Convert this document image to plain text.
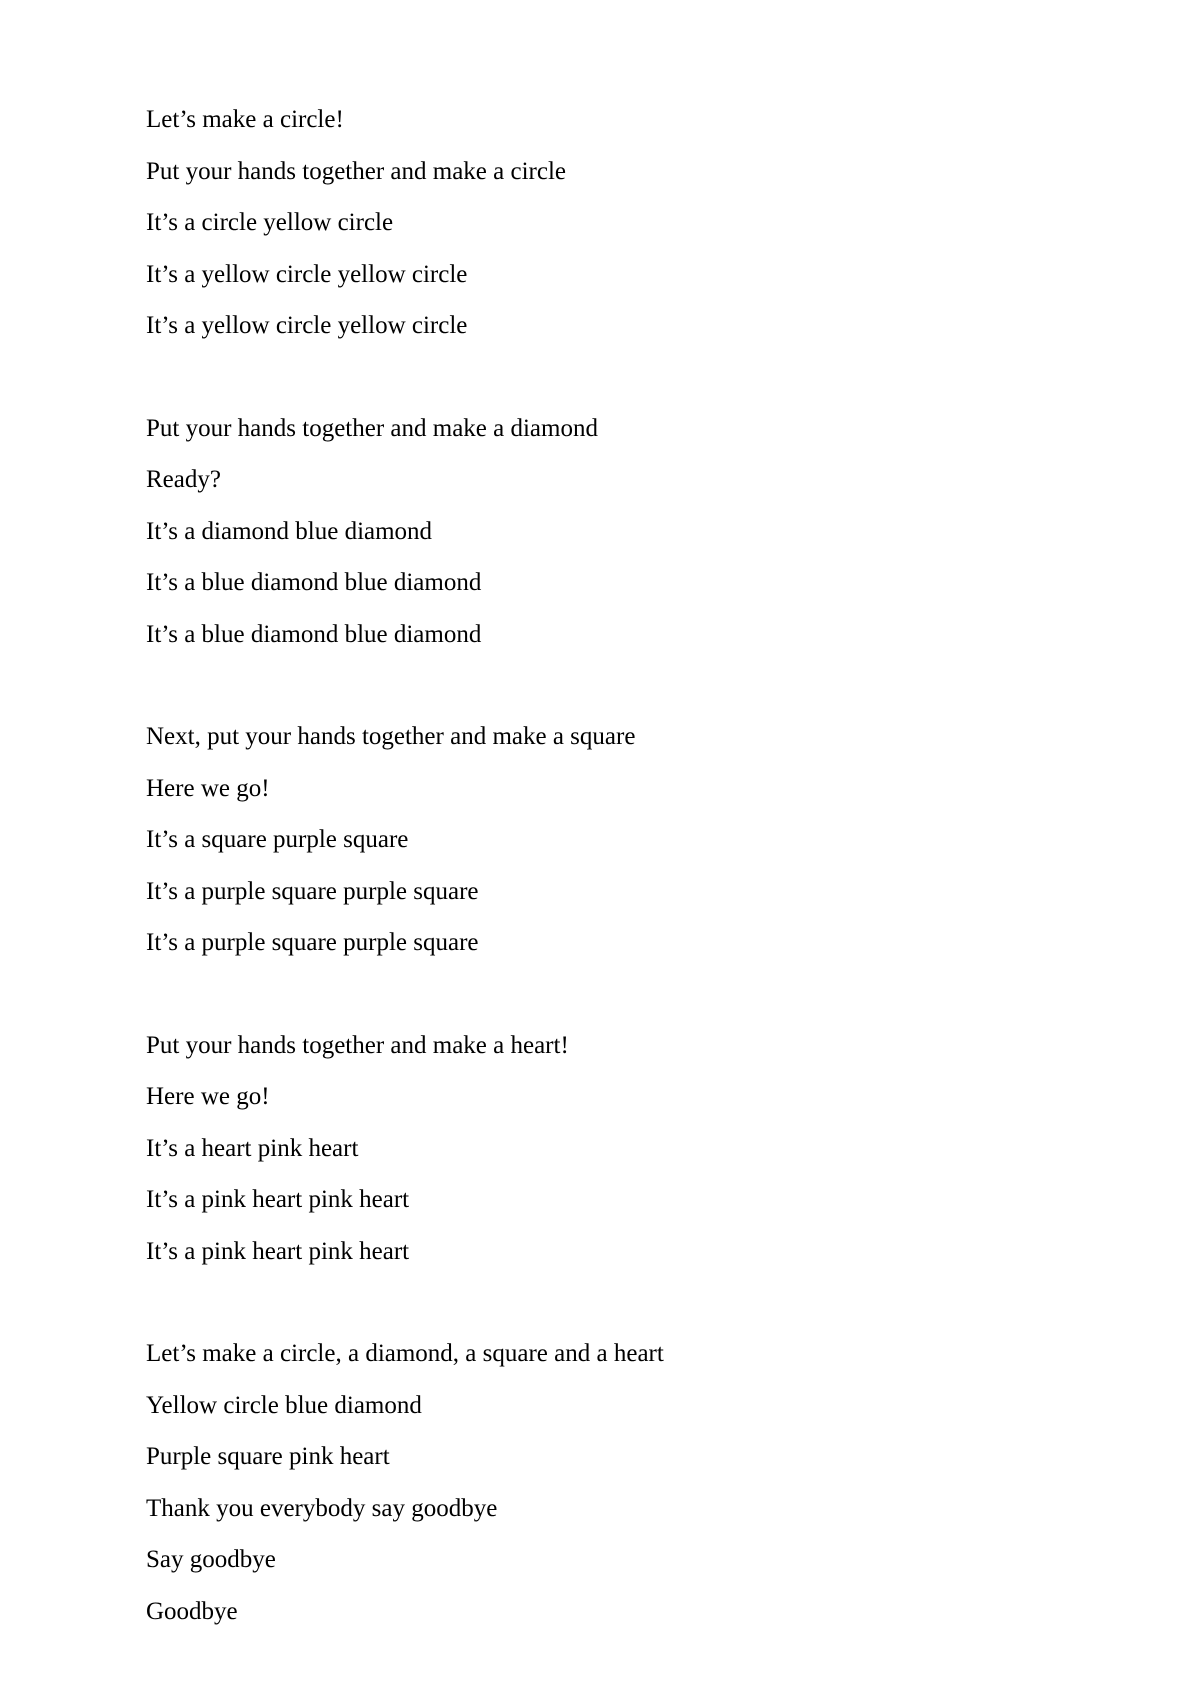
Let’s make a circle!
Put your hands together and make a circle
It’s a circle yellow circle
It’s a yellow circle yellow circle
It’s a yellow circle yellow circle
Put your hands together and make a diamond
Ready?
It’s a diamond blue diamond
It’s a blue diamond blue diamond
It’s a blue diamond blue diamond
Next, put your hands together and make a square
Here we go!
It’s a square purple square
It’s a purple square purple square
It’s a purple square purple square
Put your hands together and make a heart!
Here we go!
It’s a heart pink heart
It’s a pink heart pink heart
It’s a pink heart pink heart
Let’s make a circle, a diamond, a square and a heart
Yellow circle blue diamond
Purple square pink heart
Thank you everybody say goodbye
Say goodbye
Goodbye
